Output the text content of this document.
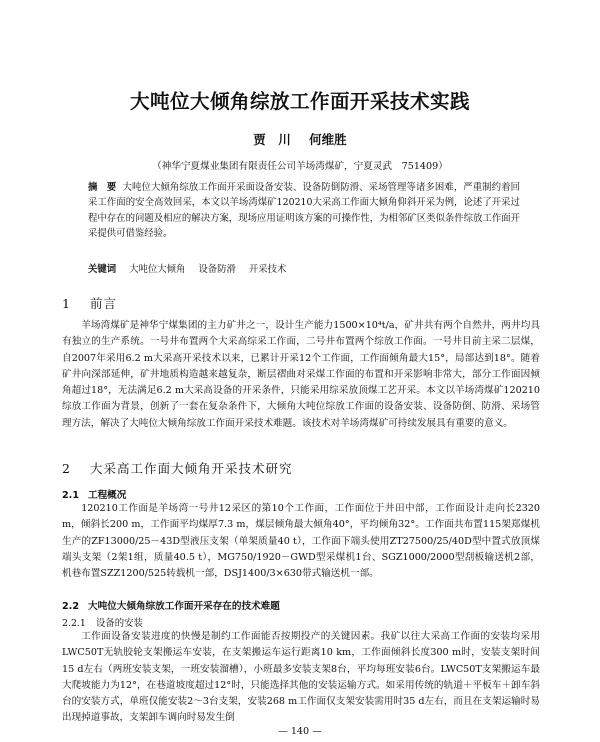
大吨位大倾角综放工作面开采技术实践
贾　川 何维胜
（神华宁夏煤业集团有限责任公司羊场湾煤矿，宁夏灵武　751409）
摘　要 大吨位大倾角综放工作面开采面设备安装、设备防倒防滑、采场管理等诸多困难，严重制约着回采工作面的安全高效回采，本文以羊场湾煤矿120210大采高工作面大倾角仰斜开采为例，论述了开采过程中存在的问题及相应的解决方案，现场应用证明该方案的可操作性，为相邻矿区类似条件综放工作面开采提供可借鉴经验。
关键词 大吨位大倾角 设备防滑 开采技术
1 前言
羊场湾煤矿是神华宁煤集团的主力矿井之一，设计生产能力1500×10⁴t/a，矿井共有两个自然井，两井均具有独立的生产系统。一号井布置两个大采高综采工作面，二号井布置两个综放工作面。一号井目前主采二层煤，自2007年采用6.2 m大采高开采技术以来，已累计开采12个工作面，工作面倾角最大15°，局部达到18°。随着矿井向深部延伸，矿井地质构造越来越复杂，断层褶曲对采煤工作面的布置和开采影响非常大，部分工作面因倾角超过18°，无法满足6.2 m大采高设备的开采条件，只能采用综采放顶煤工艺开采。本文以羊场湾煤矿120210综放工作面为背景，创新了一套在复杂条件下，大倾角大吨位综放工作面的设备安装、设备防倒、防滑、采场管理方法，解决了大吨位大倾角综放工作面开采技术难题。该技术对羊场湾煤矿可持续发展具有重要的意义。
2 大采高工作面大倾角开采技术研究
2.1 工程概况
120210工作面是羊场湾一号井12采区的第10个工作面，工作面位于井田中部，工作面设计走向长2320 m，倾斜长200 m，工作面平均煤厚7.3 m，煤层倾角最大倾角40°，平均倾角32°。工作面共布置115架郑煤机生产的ZF13000/25－43D型液压支架（单架质量40 t），工作面下端头使用ZT27500/25/40D型中置式放顶煤端头支架（2架1组，质量40.5 t），MG750/1920－GWD型采煤机1台、SGZ1000/2000型刮板输送机2部，机巷布置SZZ1200/525转载机一部，DSJ1400/3×630带式输送机一部。
2.2 大吨位大倾角综放工作面开采存在的技术难题
2.2.1 设备的安装
工作面设备安装进度的快慢是制约工作面能否按期投产的关键因素。我矿以往大采高工作面的安装均采用LWC50T无轨胶轮支架搬运车安装，在支架搬运车运行距离10 km，工作面倾斜长度300 m时，安装支架时间15 d左右（两班安装支架，一班安装溜槽），小班最多安装支架8台，平均每班安装6台。LWC50T支架搬运车最大爬坡能力为12°，在巷道坡度超过12°时，只能选择其他的安装运输方式。如采用传统的轨道＋平板车＋卸车斜台的安装方式，单班仅能安装2～3台支架，安装268 m工作面仅支架安装需用时35 d左右，而且在支架运输时易出现掉道事故，支架卸车调向时易发生倒
— 140 —
